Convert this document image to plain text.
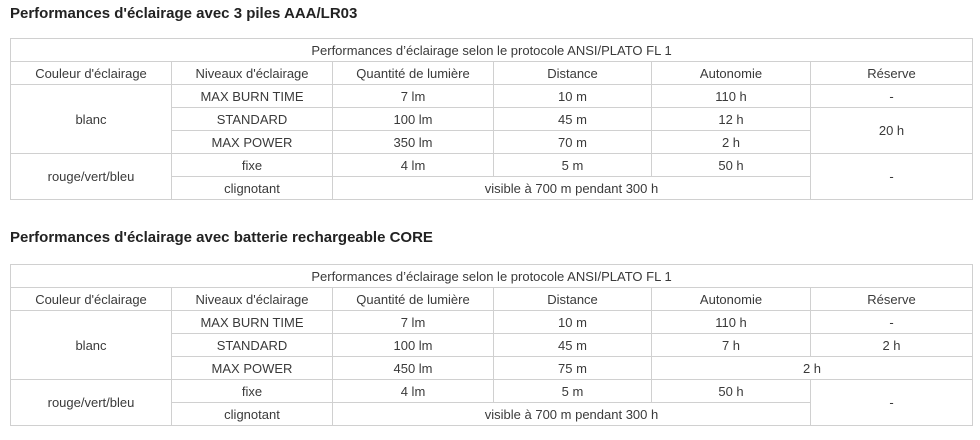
Performances d'éclairage avec 3 piles AAA/LR03
Performances d’éclairage selon le protocole ANSI/PLATO FL 1					
Couleur d'éclairage	Niveaux d'éclairage	Quantité de lumière	Distance	Autonomie	Réserve
blanc	MAX BURN TIME	7 lm	10 m	110 h	-
	STANDARD	100 lm	45 m	12 h	20 h
	MAX POWER	350 lm	70 m	2 h	
rouge/vert/bleu	fixe	4 lm	5 m	50 h	-
	clignotant	visible à 700 m pendant 300 h			
Performances d'éclairage avec batterie rechargeable CORE
Performances d’éclairage selon le protocole ANSI/PLATO FL 1					
Couleur d'éclairage	Niveaux d'éclairage	Quantité de lumière	Distance	Autonomie	Réserve
blanc	MAX BURN TIME	7 lm	10 m	110 h	-
	STANDARD	100 lm	45 m	7 h	2 h
	MAX POWER	450 lm	75 m	2 h	
rouge/vert/bleu	fixe	4 lm	5 m	50 h	-
	clignotant	visible à 700 m pendant 300 h			
